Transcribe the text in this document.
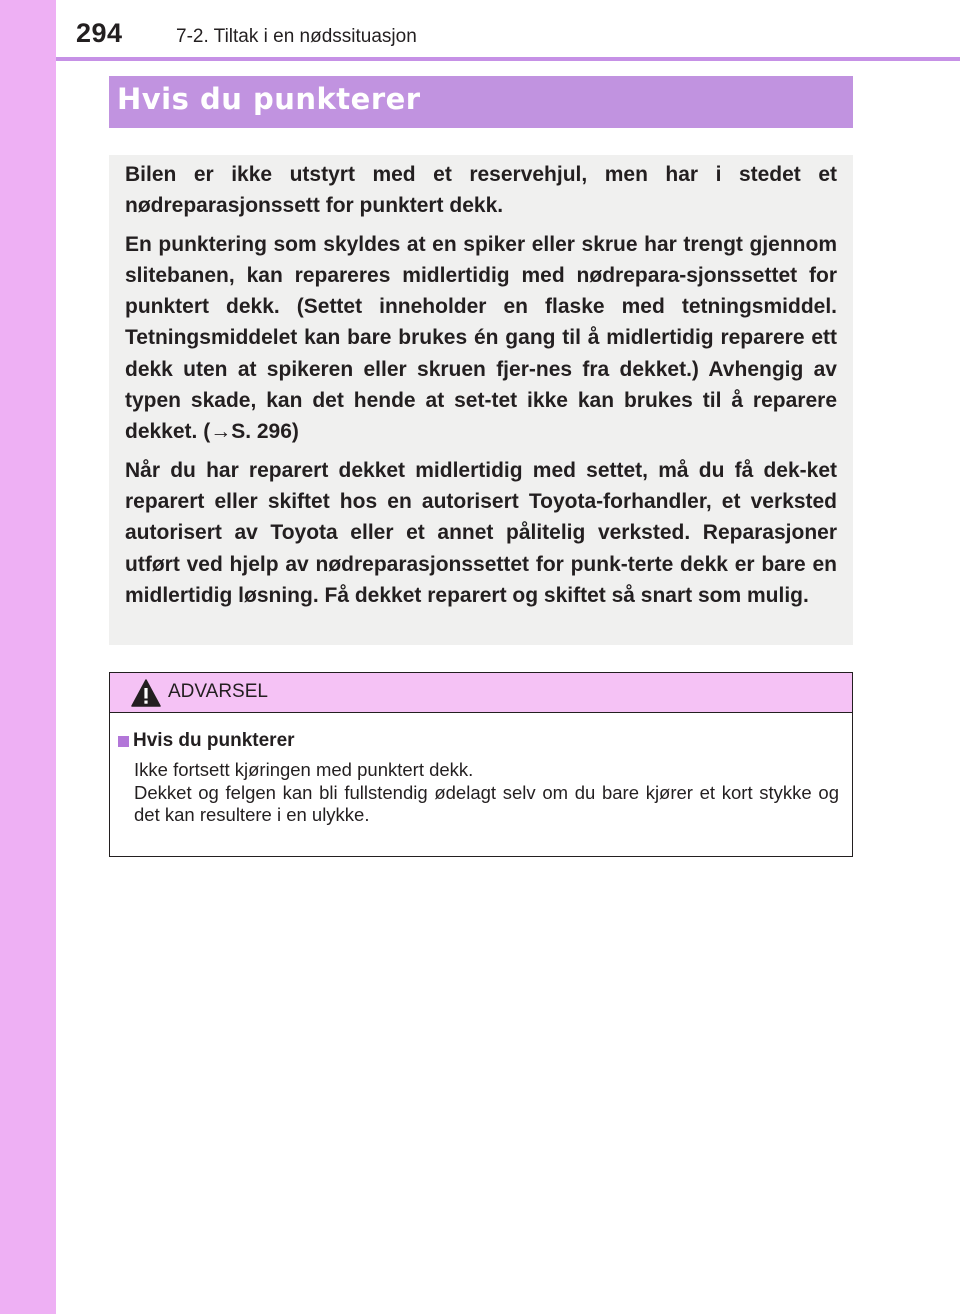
294	7-2. Tiltak i en nødssituasjon
Hvis du punkterer

Bilen er ikke utstyrt med et reservehjul, men har i stedet et nødreparasjonssett for punktert dekk.

En punktering som skyldes at en spiker eller skrue har trengt gjennom slitebanen, kan repareres midlertidig med nødrepara-sjonssettet for punktert dekk. (Settet inneholder en flaske med tetningsmiddel. Tetningsmiddelet kan bare brukes én gang til å midlertidig reparere ett dekk uten at spikeren eller skruen fjer-nes fra dekket.) Avhengig av typen skade, kan det hende at set-tet ikke kan brukes til å reparere dekket. (→S. 296)

Når du har reparert dekket midlertidig med settet, må du få dek-ket reparert eller skiftet hos en autorisert Toyota-forhandler, et verksted autorisert av Toyota eller et annet pålitelig verksted. Reparasjoner utført ved hjelp av nødreparasjonssettet for punk-terte dekk er bare en midlertidig løsning. Få dekket reparert og skiftet så snart som mulig.

ADVARSEL
Hvis du punkterer

Ikke fortsett kjøringen med punktert dekk.

Dekket og felgen kan bli fullstendig ødelagt selv om du bare kjører et kort stykke og det kan resultere i en ulykke.
